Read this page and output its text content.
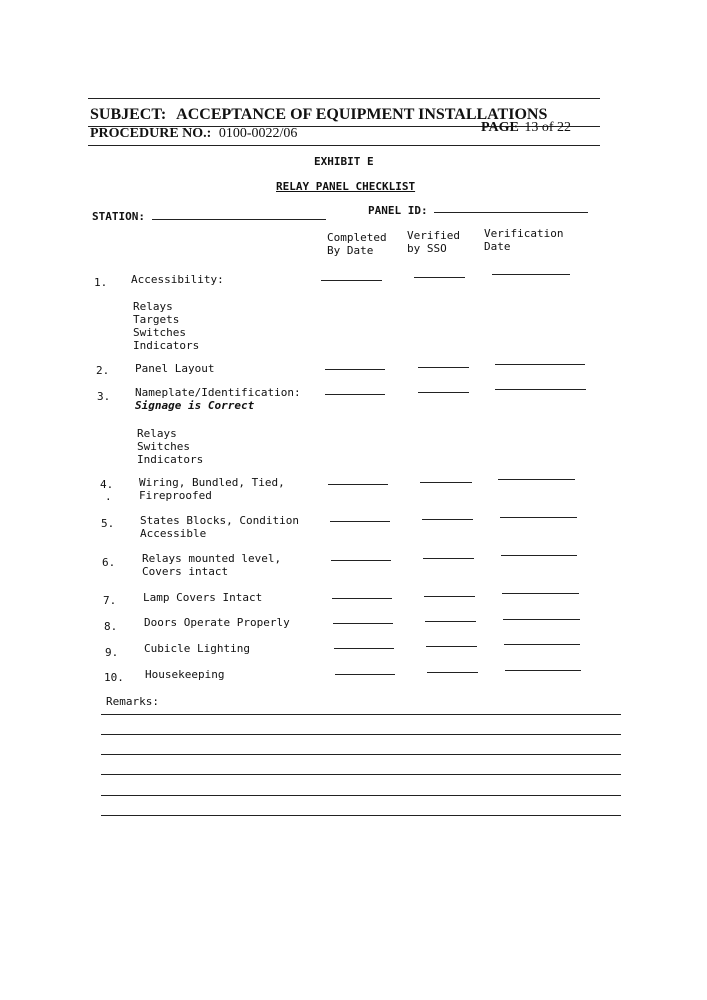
SUBJECT: ACCEPTANCE OF EQUIPMENT INSTALLATIONS
PROCEDURE NO.: 0100-0022/06	PAGE 13 of 22
EXHIBIT E
RELAY PANEL CHECKLIST
STATION:	PANEL ID:
Completed
By Date
Verified
by SSO
Verification
Date
1. Accessibility:
Relays
Targets
Switches
Indicators
2. Panel Layout
3. Nameplate/Identification:
Signage is Correct
Relays
Switches
Indicators
4.
.
Wiring, Bundled, Tied,
Fireproofed
5. States Blocks, Condition
Accessible
6. Relays mounted level,
Covers intact
7. Lamp Covers Intact
8. Doors Operate Properly
9. Cubicle Lighting
10. Housekeeping
Remarks:
